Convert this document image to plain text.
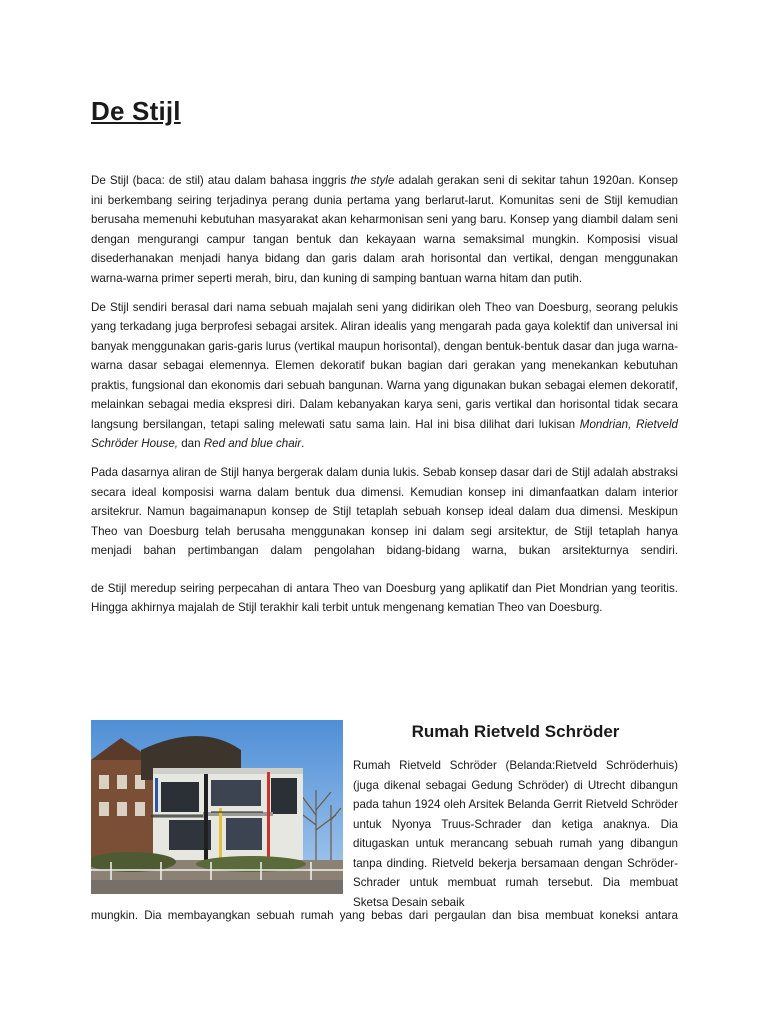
De Stijl

De Stijl (baca: de stil) atau dalam bahasa inggris the style adalah gerakan seni di sekitar tahun 1920an. Konsep ini berkembang seiring terjadinya perang dunia pertama yang berlarut-larut. Komunitas seni de Stijl kemudian berusaha memenuhi kebutuhan masyarakat akan keharmonisan seni yang baru. Konsep yang diambil dalam seni dengan mengurangi campur tangan bentuk dan kekayaan warna semaksimal mungkin. Komposisi visual disederhanakan menjadi hanya bidang dan garis dalam arah horisontal dan vertikal, dengan menggunakan warna-warna primer seperti merah, biru, dan kuning di samping bantuan warna hitam dan putih.

De Stijl sendiri berasal dari nama sebuah majalah seni yang didirikan oleh Theo van Doesburg, seorang pelukis yang terkadang juga berprofesi sebagai arsitek. Aliran idealis yang mengarah pada gaya kolektif dan universal ini banyak menggunakan garis-garis lurus (vertikal maupun horisontal), dengan bentuk-bentuk dasar dan juga warna-warna dasar sebagai elemennya. Elemen dekoratif bukan bagian dari gerakan yang menekankan kebutuhan praktis, fungsional dan ekonomis dari sebuah bangunan. Warna yang digunakan bukan sebagai elemen dekoratif, melainkan sebagai media ekspresi diri. Dalam kebanyakan karya seni, garis vertikal dan horisontal tidak secara langsung bersilangan, tetapi saling melewati satu sama lain. Hal ini bisa dilihat dari lukisan Mondrian, Rietveld Schröder House, dan Red and blue chair.

Pada dasarnya aliran de Stijl hanya bergerak dalam dunia lukis. Sebab konsep dasar dari de Stijl adalah abstraksi secara ideal komposisi warna dalam bentuk dua dimensi. Kemudian konsep ini dimanfaatkan dalam interior arsitekrur. Namun bagaimanapun konsep de Stijl tetaplah sebuah konsep ideal dalam dua dimensi. Meskipun Theo van Doesburg telah berusaha menggunakan konsep ini dalam segi arsitektur, de Stijl tetaplah hanya menjadi bahan pertimbangan dalam pengolahan bidang-bidang warna, bukan arsitekturnya sendiri.

de Stijl meredup seiring perpecahan di antara Theo van Doesburg yang aplikatif dan Piet Mondrian yang teoritis. Hingga akhirnya majalah de Stijl terakhir kali terbit untuk mengenang kematian Theo van Doesburg.

Rumah Rietveld Schröder

Rumah Rietveld Schröder (Belanda:Rietveld Schröderhuis) (juga dikenal sebagai Gedung Schröder) di Utrecht dibangun pada tahun 1924 oleh Arsitek Belanda Gerrit Rietveld Schröder untuk Nyonya Truus-Schrader dan ketiga anaknya. Dia ditugaskan untuk merancang sebuah rumah yang dibangun tanpa dinding. Rietveld bekerja bersamaan dengan Schröder-Schrader untuk membuat rumah tersebut. Dia membuat Sketsa Desain sebaik

mungkin. Dia membayangkan sebuah rumah yang bebas dari pergaulan dan bisa membuat koneksi antara
